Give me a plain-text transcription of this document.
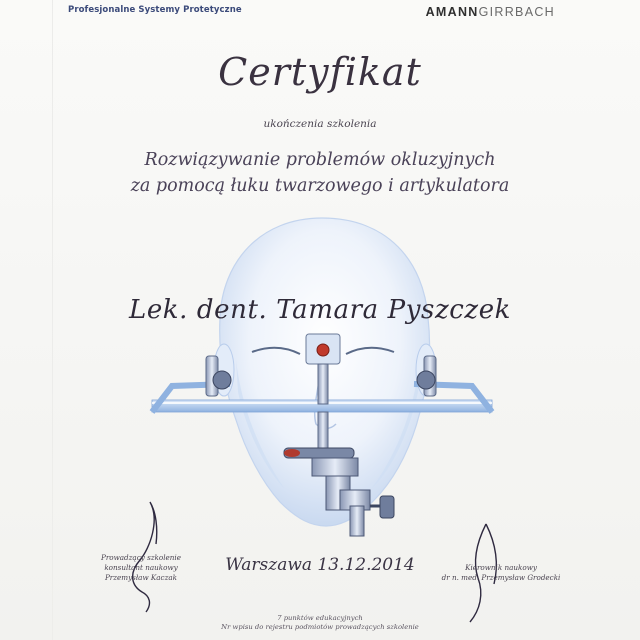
Profesjonalne Systemy Protetyczne	AMANNGIRRBACH
Certyfikat
ukończenia szkolenia
Rozwiązywanie problemów okluzyjnych
za pomocą łuku twarzowego i artykulatora
Lek. dent. Tamara Pyszczek
Warszawa 13.12.2014
Prowadzący szkolenie
konsultant naukowy
Przemysław Kaczak
Kierownik naukowy
dr n. med. Przemysław Grodecki
7 punktów edukacyjnych
Nr wpisu do rejestru podmiotów prowadzących szkolenie
